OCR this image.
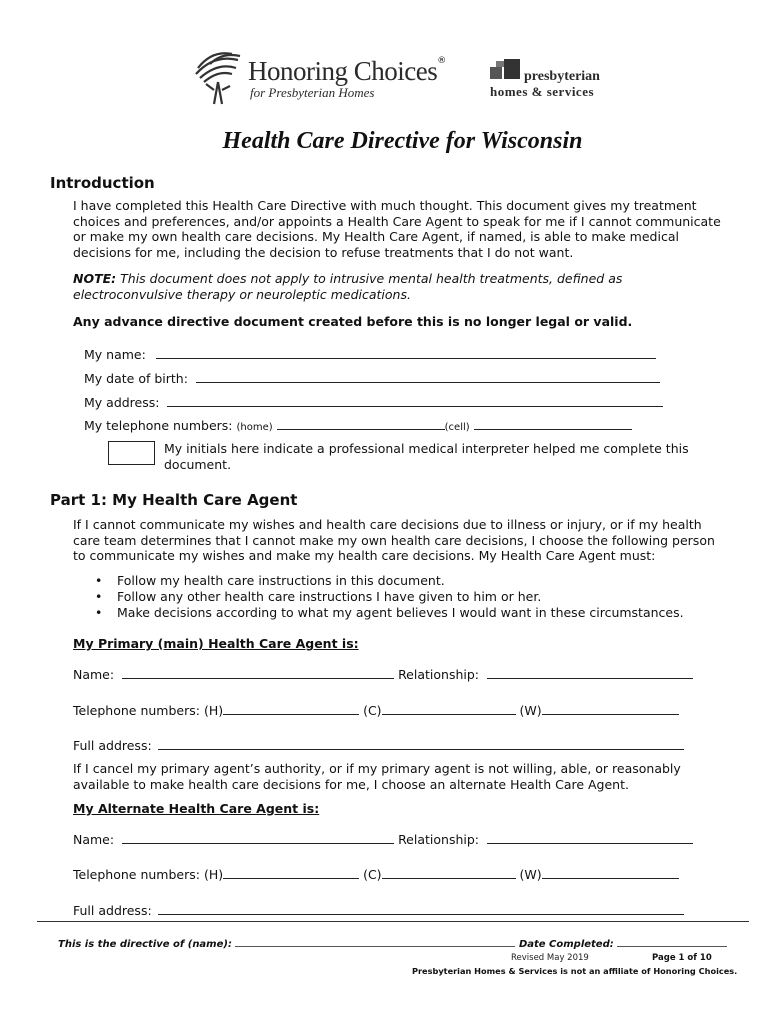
Honoring Choices®
for Presbyterian Homes
presbyterian
homes & services
Health Care Directive for Wisconsin
Introduction
I have completed this Health Care Directive with much thought. This document gives my treatment choices and preferences, and/or appoints a Health Care Agent to speak for me if I cannot communicate or make my own health care decisions. My Health Care Agent, if named, is able to make medical decisions for me, including the decision to refuse treatments that I do not want.
NOTE: This document does not apply to intrusive mental health treatments, defined as electroconvulsive therapy or neuroleptic medications.
Any advance directive document created before this is no longer legal or valid.
My name:
My date of birth:
My address:
My telephone numbers: (home)	(cell)
My initials here indicate a professional medical interpreter helped me complete this document.
Part 1: My Health Care Agent
If I cannot communicate my wishes and health care decisions due to illness or injury, or if my health care team determines that I cannot make my own health care decisions, I choose the following person to communicate my wishes and make my health care decisions. My Health Care Agent must:
• Follow my health care instructions in this document.
• Follow any other health care instructions I have given to him or her.
• Make decisions according to what my agent believes I would want in these circumstances.
My Primary (main) Health Care Agent is:
Name:	Relationship:
Telephone numbers: (H)	(C)	(W)
Full address:
If I cancel my primary agent’s authority, or if my primary agent is not willing, able, or reasonably available to make health care decisions for me, I choose an alternate Health Care Agent.
My Alternate Health Care Agent is:
Name:	Relationship:
Telephone numbers: (H)	(C)	(W)
Full address:
This is the directive of (name):	Date Completed:
Revised May 2019	Page 1 of 10
Presbyterian Homes & Services is not an affiliate of Honoring Choices.
